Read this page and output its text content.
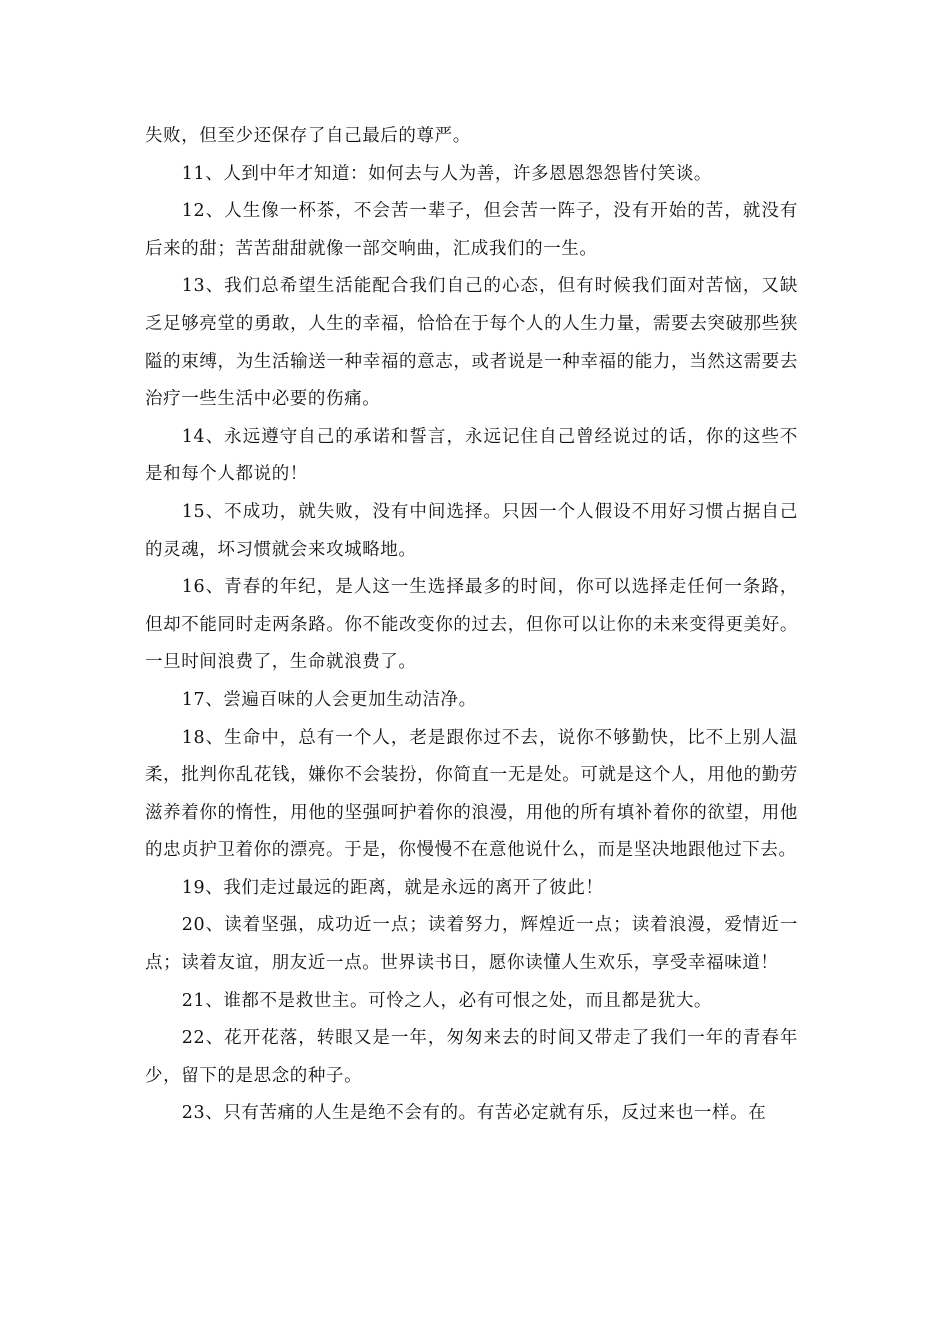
失败，但至少还保存了自己最后的尊严。

11、人到中年才知道：如何去与人为善，许多恩恩怨怨皆付笑谈。

12、人生像一杯茶，不会苦一辈子，但会苦一阵子，没有开始的苦，就没有后来的甜；苦苦甜甜就像一部交响曲，汇成我们的一生。

13、我们总希望生活能配合我们自己的心态，但有时候我们面对苦恼，又缺乏足够亮堂的勇敢，人生的幸福，恰恰在于每个人的人生力量，需要去突破那些狭隘的束缚，为生活输送一种幸福的意志，或者说是一种幸福的能力，当然这需要去治疗一些生活中必要的伤痛。

14、永远遵守自己的承诺和誓言，永远记住自己曾经说过的话，你的这些不是和每个人都说的！

15、不成功，就失败，没有中间选择。只因一个人假设不用好习惯占据自己的灵魂，坏习惯就会来攻城略地。

16、青春的年纪，是人这一生选择最多的时间，你可以选择走任何一条路，但却不能同时走两条路。你不能改变你的过去，但你可以让你的未来变得更美好。一旦时间浪费了，生命就浪费了。

17、尝遍百味的人会更加生动洁净。

18、生命中，总有一个人，老是跟你过不去，说你不够勤快，比不上别人温柔，批判你乱花钱，嫌你不会装扮，你简直一无是处。可就是这个人，用他的勤劳滋养着你的惰性，用他的坚强呵护着你的浪漫，用他的所有填补着你的欲望，用他的忠贞护卫着你的漂亮。于是，你慢慢不在意他说什么，而是坚决地跟他过下去。

19、我们走过最远的距离，就是永远的离开了彼此！

20、读着坚强，成功近一点；读着努力，辉煌近一点；读着浪漫，爱情近一点；读着友谊，朋友近一点。世界读书日，愿你读懂人生欢乐，享受幸福味道！

21、谁都不是救世主。可怜之人，必有可恨之处，而且都是犹大。

22、花开花落，转眼又是一年，匆匆来去的时间又带走了我们一年的青春年少，留下的是思念的种子。

23、只有苦痛的人生是绝不会有的。有苦必定就有乐，反过来也一样。在
